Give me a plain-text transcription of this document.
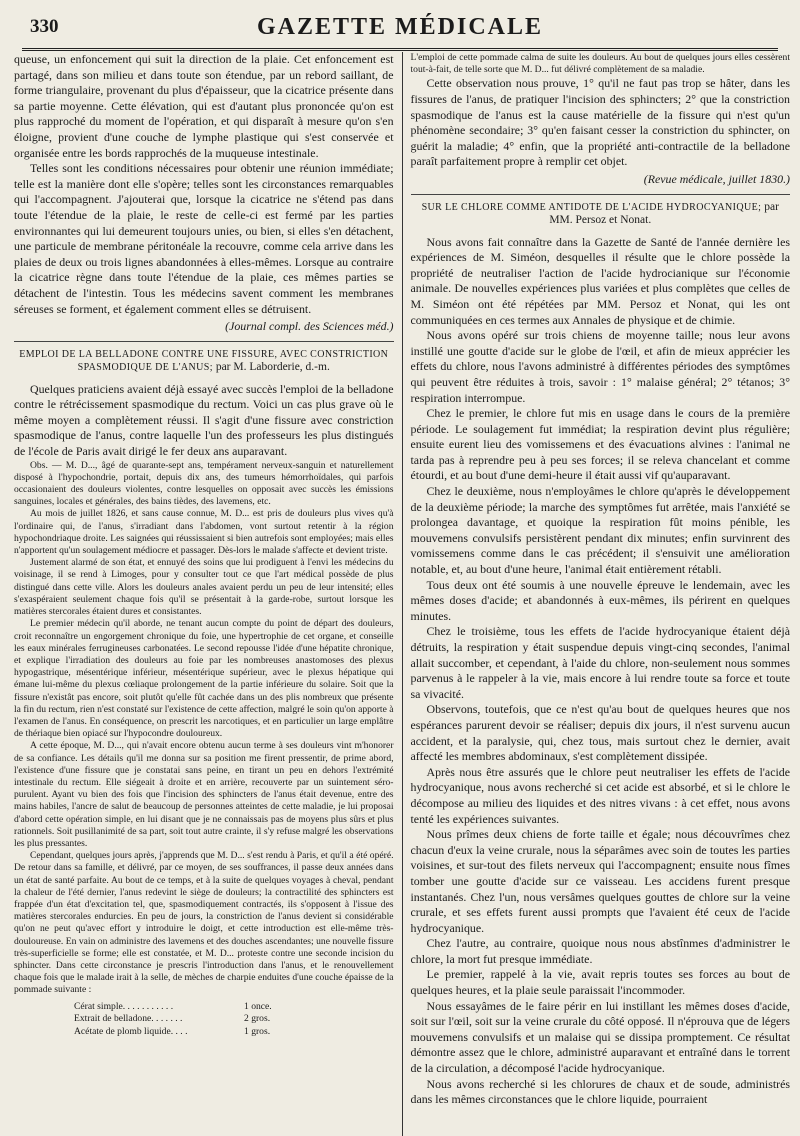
330	GAZETTE MÉDICALE

queuse, un enfoncement qui suit la direction de la plaie. Cet enfoncement est partagé, dans son milieu et dans toute son étendue, par un rebord saillant, de forme triangulaire, provenant du plus d'épaisseur, que la cicatrice présente dans sa partie moyenne. Cette élévation, qui est d'autant plus prononcée qu'on est plus rapproché du moment de l'opération, et qui disparaît à mesure qu'on s'en éloigne, provient d'une couche de lymphe plastique qui s'est conservée et organisée entre les bords rapprochés de la muqueuse intestinale.

Telles sont les conditions nécessaires pour obtenir une réunion immédiate; telle est la manière dont elle s'opère; telles sont les circonstances remarquables qui l'accompagnent. J'ajouterai que, lorsque la cicatrice ne s'étend pas dans toute l'étendue de la plaie, le reste de celle-ci est fermé par les parties environnantes qui lui demeurent toujours unies, ou bien, si elles s'en détachent, une particule de membrane péritonéale la recouvre, comme cela arrive dans les plaies de deux ou trois lignes abandonnées à elles-mêmes. Lorsque au contraire la cicatrice règne dans toute l'étendue de la plaie, ces mêmes parties se détachent de l'intestin. Tous les médecins savent comment les membranes séreuses se forment, et également comment elles se détruisent.

(Journal compl. des Sciences méd.)

EMPLOI DE LA BELLADONE CONTRE UNE FISSURE, AVEC CONSTRICTION SPASMODIQUE DE L'ANUS; par M. Laborderie, d.-m.

Quelques praticiens avaient déjà essayé avec succès l'emploi de la belladone contre le rétrécissement spasmodique du rectum. Voici un cas plus grave où le même moyen a complètement réussi. Il s'agit d'une fissure avec constriction spasmodique de l'anus, contre laquelle l'un des professeurs les plus distingués de l'école de Paris avait dirigé le fer deux ans auparavant.

Obs. — M. D..., âgé de quarante-sept ans, tempérament nerveux-sanguin et naturellement disposé à l'hypochondrie, portait, depuis dix ans, des tumeurs hémorrhoïdales, qui parfois occasionaient des douleurs violentes, contre lesquelles on opposait avec succès les émissions sanguines, locales et générales, des bains tièdes, des lavemens, etc.

Au mois de juillet 1826, et sans cause connue, M. D... est pris de douleurs plus vives qu'à l'ordinaire qui, de l'anus, s'irradiant dans l'abdomen, vont surtout retentir à la région hypochondriaque droite. Les saignées qui réussissaient si bien autrefois sont employées; mais elles n'apportent qu'un soulagement médiocre et passager. Dès-lors le malade s'affecte et devient triste.

Justement alarmé de son état, et ennuyé des soins que lui prodiguent à l'envi les médecins du voisinage, il se rend à Limoges, pour y consulter tout ce que l'art médical possède de plus distingué dans cette ville. Alors les douleurs anales avaient perdu un peu de leur intensité; elles s'exaspéraient seulement chaque fois qu'il se présentait à la garde-robe, surtout lorsque les matières stercorales étaient dures et consistantes.

Le premier médecin qu'il aborde, ne tenant aucun compte du point de départ des douleurs, croit reconnaître un engorgement chronique du foie, une hypertrophie de cet organe, et conseille les eaux minérales ferrugineuses carbonatées. Le second repousse l'idée d'une hépatite chronique, et explique l'irradiation des douleurs au foie par les nombreuses anastomoses des plexus hypogastrique, mésentérique inférieur, mésentérique supérieur, avec le plexus hépatique qui émane lui-même du plexus cœliaque prolongement de la partie inférieure du solaire. Soit que la fissure n'existât pas encore, soit plutôt qu'elle fût cachée dans un des plis nombreux que présente la fin du rectum, rien n'est constaté sur l'existence de cette affection, malgré le soin qu'on apporte à l'examen de l'anus. En conséquence, on prescrit les narcotiques, et en particulier un large emplâtre de thériaque bien opiacé sur l'hypocondre douloureux.

A cette époque, M. D..., qui n'avait encore obtenu aucun terme à ses douleurs vint m'honorer de sa confiance. Les détails qu'il me donna sur sa position me firent pressentir, de prime abord, l'existence d'une fissure que je constatai sans peine, en tirant un peu en dehors l'extrémité intestinale du rectum. Elle siégeait à droite et en arrière, recouverte par un suintement séro-purulent. Ayant vu bien des fois que l'incision des sphincters de l'anus était devenue, entre des mains habiles, l'ancre de salut de beaucoup de personnes atteintes de cette maladie, je lui proposai d'abord cette opération simple, en lui disant que je ne connaissais pas de moyens plus sûrs et plus rationnels. Soit pusillanimité de sa part, soit tout autre crainte, il s'y refuse malgré les observations les plus pressantes.

Cependant, quelques jours après, j'apprends que M. D... s'est rendu à Paris, et qu'il a été opéré. De retour dans sa famille, et délivré, par ce moyen, de ses souffrances, il passe deux années dans un état de santé parfaite. Au bout de ce temps, et à la suite de quelques voyages à cheval, pendant la chaleur de l'été dernier, l'anus redevint le siège de douleurs; la contractilité des sphincters est frappée d'un état d'excitation tel, que, spasmodiquement contractés, ils s'opposent à l'issue des matières stercorales endurcies. En peu de jours, la constriction de l'anus devient si considérable qu'on ne peut qu'avec effort y introduire le doigt, et cette introduction est elle-même très-douloureuse. En vain on administre des lavemens et des douches ascendantes; une nouvelle fissure très-superficielle se forme; elle est constatée, et M. D... proteste contre une seconde incision du sphincter. Dans cette circonstance je prescris l'introduction dans l'anus, et le renouvellement chaque fois que le malade irait à la selle, de mèches de charpie enduites d'une couche épaisse de la pommade suivante :

Cérat simple. . . . . . . . . . .	1 once.
Extrait de belladone. . . . . . .	2 gros.
Acétate de plomb liquide. . . .	1 gros.

L'emploi de cette pommade calma de suite les douleurs. Au bout de quelques jours elles cessèrent tout-à-fait, de telle sorte que M. D... fut délivré complètement de sa maladie.

Cette observation nous prouve, 1° qu'il ne faut pas trop se hâter, dans les fissures de l'anus, de pratiquer l'incision des sphincters; 2° que la constriction spasmodique de l'anus est la cause matérielle de la fissure qui n'est qu'un phénomène secondaire; 3° qu'en faisant cesser la constriction du sphincter, on guérit la maladie; 4° enfin, que la propriété anti-contractile de la belladone paraît parfaitement propre à remplir cet objet.

(Revue médicale, juillet 1830.)

SUR LE CHLORE COMME ANTIDOTE DE L'ACIDE HYDROCYANIQUE; par MM. Persoz et Nonat.

Nous avons fait connaître dans la Gazette de Santé de l'année dernière les expériences de M. Siméon, desquelles il résulte que le chlore possède la propriété de neutraliser l'action de l'acide hydrocianique sur l'économie animale. De nouvelles expériences plus variées et plus complètes que celles de M. Siméon ont été répétées par MM. Persoz et Nonat, qui les ont communiquées en ces termes aux Annales de physique et de chimie.

Nous avons opéré sur trois chiens de moyenne taille; nous leur avons instillé une goutte d'acide sur le globe de l'œil, et afin de mieux apprécier les effets du chlore, nous l'avons administré à différentes périodes des symptômes qui peuvent être réduites à trois, savoir : 1° malaise général; 2° tétanos; 3° respiration interrompue.

Chez le premier, le chlore fut mis en usage dans le cours de la première période. Le soulagement fut immédiat; la respiration devint plus régulière; ensuite eurent lieu des vomissemens et des évacuations alvines : l'animal ne tarda pas à reprendre peu à peu ses forces; il se releva chancelant et comme étourdi, et au bout d'une demi-heure il était aussi vif qu'auparavant.

Chez le deuxième, nous n'employâmes le chlore qu'après le développement de la deuxième période; la marche des symptômes fut arrêtée, mais l'anxiété se prolongea davantage, et quoique la respiration fût moins pénible, les mouvemens convulsifs persistèrent pendant dix minutes; enfin survinrent des vomissemens comme dans le cas précédent; il s'ensuivit une amélioration notable, et, au bout d'une heure, l'animal était entièrement rétabli.

Tous deux ont été soumis à une nouvelle épreuve le lendemain, avec les mêmes doses d'acide; et abandonnés à eux-mêmes, ils périrent en quelques minutes.

Chez le troisième, tous les effets de l'acide hydrocyanique étaient déjà détruits, la respiration y était suspendue depuis vingt-cinq secondes, l'animal allait succomber, et cependant, à l'aide du chlore, non-seulement nous sommes parvenus à le rappeler à la vie, mais encore à lui rendre toute sa force et toute sa vivacité.

Observons, toutefois, que ce n'est qu'au bout de quelques heures que nos espérances parurent devoir se réaliser; depuis dix jours, il n'est survenu aucun accident, et la paralysie, qui, chez tous, mais surtout chez le dernier, avait affecté les membres abdominaux, s'est complètement dissipée.

Après nous être assurés que le chlore peut neutraliser les effets de l'acide hydrocyanique, nous avons recherché si cet acide est absorbé, et si le chlore le décompose au milieu des liquides et des nitres vivans : à cet effet, nous avons tenté les expériences suivantes.

Nous prîmes deux chiens de forte taille et égale; nous découvrîmes chez chacun d'eux la veine crurale, nous la séparâmes avec soin de toutes les parties voisines, et sur-tout des filets nerveux qui l'accompagnent; ensuite nous fîmes tomber une goutte d'acide sur ce vaisseau. Les accidens furent presque instantanés. Chez l'un, nous versâmes quelques gouttes de chlore sur la veine crurale, et ses effets furent aussi prompts que l'avaient été ceux de l'acide hydrocyanique.

Chez l'autre, au contraire, quoique nous nous abstînmes d'administrer le chlore, la mort fut presque immédiate.

Le premier, rappelé à la vie, avait repris toutes ses forces au bout de quelques heures, et la plaie seule paraissait l'incommoder.

Nous essayâmes de le faire périr en lui instillant les mêmes doses d'acide, soit sur l'œil, soit sur la veine crurale du côté opposé. Il n'éprouva que de légers mouvemens convulsifs et un malaise qui se dissipa promptement. Ce résultat démontre assez que le chlore, administré auparavant et entraîné dans le torrent de la circulation, a décomposé l'acide hydrocyanique.

Nous avons recherché si les chlorures de chaux et de soude, administrés dans les mêmes circonstances que le chlore liquide, pourraient
